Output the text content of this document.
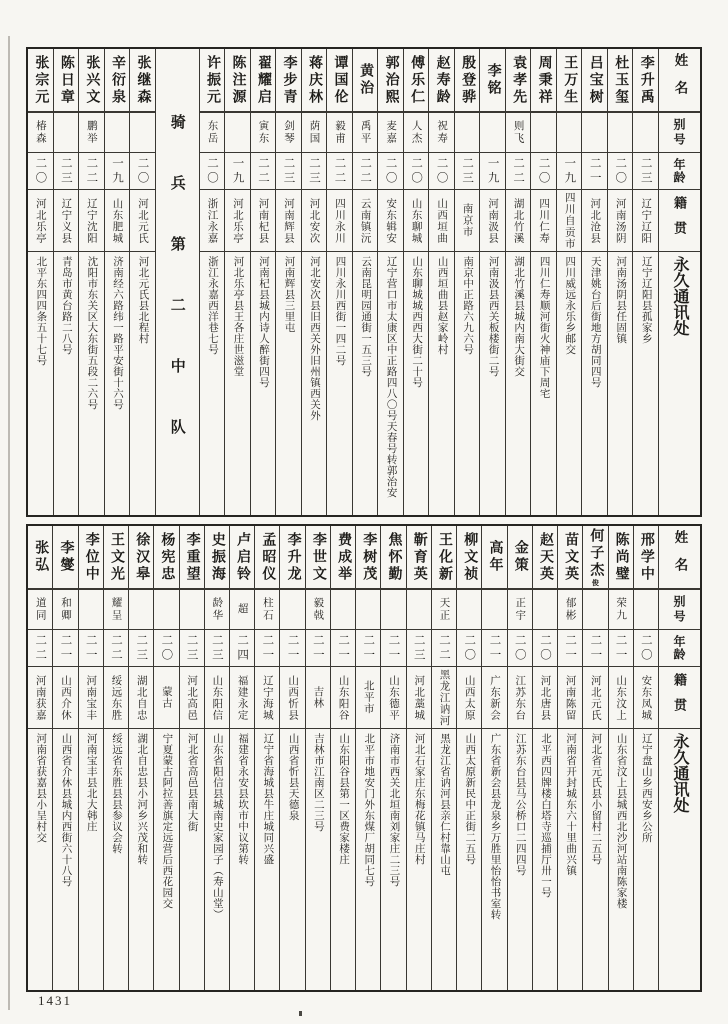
姓名
别号
年龄
籍贯
永久通讯处
李升禹
二三
辽宁辽阳
辽宁辽阳县孤家乡
杜玉玺
二〇
河南汤阴
河南汤阴县任固镇
吕宝树
二一
河北沧县
天津姚台后街地方胡同四号
王万生
一九
四川自贡市
四川威远永乐乡邮交
周秉祥
二〇
四川仁寿
四川仁寿顺河街火神庙下周宅
袁孝先
则飞
二二
湖北竹溪
湖北竹溪县城内南大街交
李铭
一九
河南汲县
河南汲县西关板楼街二号
殷登骅
二三
南京市
南京中正路六九六号
赵寿龄
祝寿
二〇
山西垣曲
山西垣曲县赵家岭村
傅乐仁
人杰
二〇
山东聊城
山东聊城城西西大街二十号
郭治熙
麦嘉
二〇
安东辑安
辽宁营口市太康区中正路四八〇号天春号转郭治安
黄治
禹平
二二
云南镇沅
云南昆明园通街一五三号
谭国伦
毅甫
二二
四川永川
四川永川西街一四二号
蒋庆林
荫国
二三
河北安次
河北安次县旧西关外旧州镇西关外
李步青
剑琴
二三
河南辉县
河南辉县三里屯
翟耀启
寅东
二二
河南杞县
河南杞县城内诗人醉街四号
陈注源
一九
河北乐亭
河北乐亭县王各庄世滋堂
许振元
东岳
二〇
浙江永嘉
浙江永嘉西洋巷七号
骑兵第二中队
张继森
二〇
河北元氏
河北元氏县北程村
辛衍泉
一九
山东肥城
济南经六路纬一路平安街十六号
张兴文
鹏举
二二
辽宁沈阳
沈阳市东关区大东街五段二六号
陈日章
二三
辽宁义县
青岛市黄台路二八号
张宗元
椿森
二〇
河北乐亭
北平东四四条五十七号
姓名
别号
年龄
籍贯
永久通讯处
邢学中
二〇
安东凤城
辽宁盘山乡西安乡公所
陈尚璧
荣九
二一
山东汶上
山东省汶上县城西北沙河站南陈家楼
何子杰俊
二一
河北元氏
河北省元氏县小留村二五号
苗文英
郁彬
二一
河南陈留
河南省开封城东六十里曲兴镇
赵天英
二〇
河北唐县
北平西四牌楼白塔寺巡捕厅卅一号
金策
正宇
二〇
江苏东台
江苏东台县马公桥口二四四号
高年
二一
广东新会
广东省新会县龙泉乡万胜里怡怡书室转
柳文祯
二〇
山西太原
山西太原新民中正街二五号
王化新
天正
二二
黑龙江讷河
黑龙江省讷河县亲仁村靠山屯
靳育英
二三
河北藁城
河北石家庄东梅花镇马庄村
焦怀勤
二一
山东德平
济南市西关北垣南刘家庄二三号
李树茂
二一
北平市
北平市地安门外东煤厂胡同七号
费成举
二一
山东阳谷
山东阳谷县第一区费家楼庄
李世文
毅戟
二一
吉林
吉林市江南区二三号
李升龙
二一
山西忻县
山西省忻县天德泉
孟昭仪
柱石
二一
辽宁海城
辽宁省海城县牛庄城同兴盛
卢启铃
超
二四
福建永定
福建省永安县坎市中议第转
史振海
龄华
二三
山东阳信
山东省阳信县城南史家园子（寿山堂）
李重望
二三
河北高邑
河北省高邑县南大街
杨宪忠
二〇
蒙古
宁夏蒙古阿拉善旗定远营后西花园交
徐汉皋
二三
湖北自忠
湖北自忠县小河乡兴茂和转
王文光
耀呈
二二
绥远东胜
绥远省东胜县县参议会转
李位中
二一
河南宝丰
河南宝丰县北大韩庄
李燮
和卿
二一
山西介休
山西省介休县城内西街六十八号
张弘
道同
二二
河南获嘉
河南省获嘉县小呈村交
1431
